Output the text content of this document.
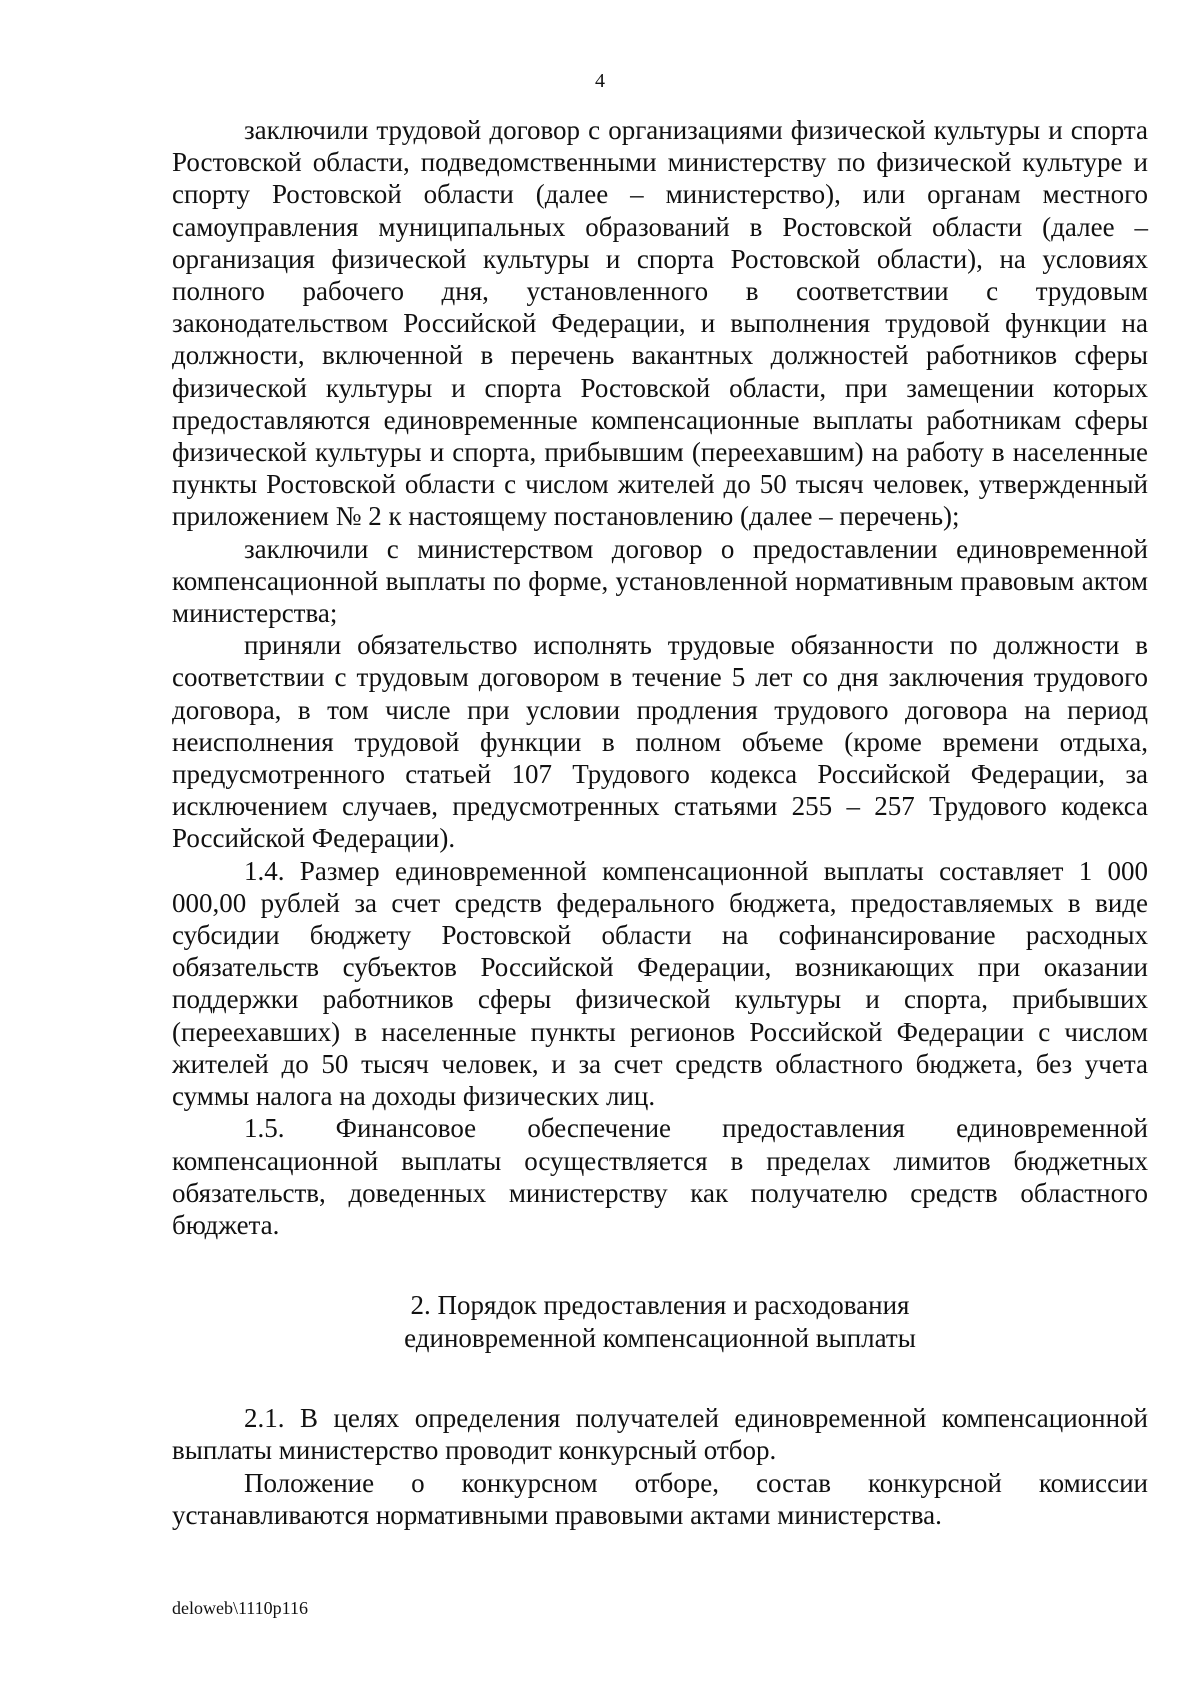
4

заключили трудовой договор с организациями физической культуры и спорта Ростовской области, подведомственными министерству по физической культуре и спорту Ростовской области (далее – министерство), или органам местного самоуправления муниципальных образований в Ростовской области (далее – организация физической культуры и спорта Ростовской области), на условиях полного рабочего дня, установленного в соответствии с трудовым законодательством Российской Федерации, и выполнения трудовой функции на должности, включенной в перечень вакантных должностей работников сферы физической культуры и спорта Ростовской области, при замещении которых предоставляются единовременные компенсационные выплаты работникам сферы физической культуры и спорта, прибывшим (переехавшим) на работу в населенные пункты Ростовской области с числом жителей до 50 тысяч человек, утвержденный приложением № 2 к настоящему постановлению (далее – перечень);

заключили с министерством договор о предоставлении единовременной компенсационной выплаты по форме, установленной нормативным правовым актом министерства;

приняли обязательство исполнять трудовые обязанности по должности в соответствии с трудовым договором в течение 5 лет со дня заключения трудового договора, в том числе при условии продления трудового договора на период неисполнения трудовой функции в полном объеме (кроме времени отдыха, предусмотренного статьей 107 Трудового кодекса Российской Федерации, за исключением случаев, предусмотренных статьями 255 – 257 Трудового кодекса Российской Федерации).

1.4. Размер единовременной компенсационной выплаты составляет 1 000 000,00 рублей за счет средств федерального бюджета, предоставляемых в виде субсидии бюджету Ростовской области на софинансирование расходных обязательств субъектов Российской Федерации, возникающих при оказании поддержки работников сферы физической культуры и спорта, прибывших (переехавших) в населенные пункты регионов Российской Федерации с числом жителей до 50 тысяч человек, и за счет средств областного бюджета, без учета суммы налога на доходы физических лиц.

1.5. Финансовое обеспечение предоставления единовременной компенсационной выплаты осуществляется в пределах лимитов бюджетных обязательств, доведенных министерству как получателю средств областного бюджета.

2. Порядок предоставления и расходования
единовременной компенсационной выплаты

2.1. В целях определения получателей единовременной компенсационной выплаты министерство проводит конкурсный отбор.

Положение о конкурсном отборе, состав конкурсной комиссии устанавливаются нормативными правовыми актами министерства.

deloweb\1110p116
